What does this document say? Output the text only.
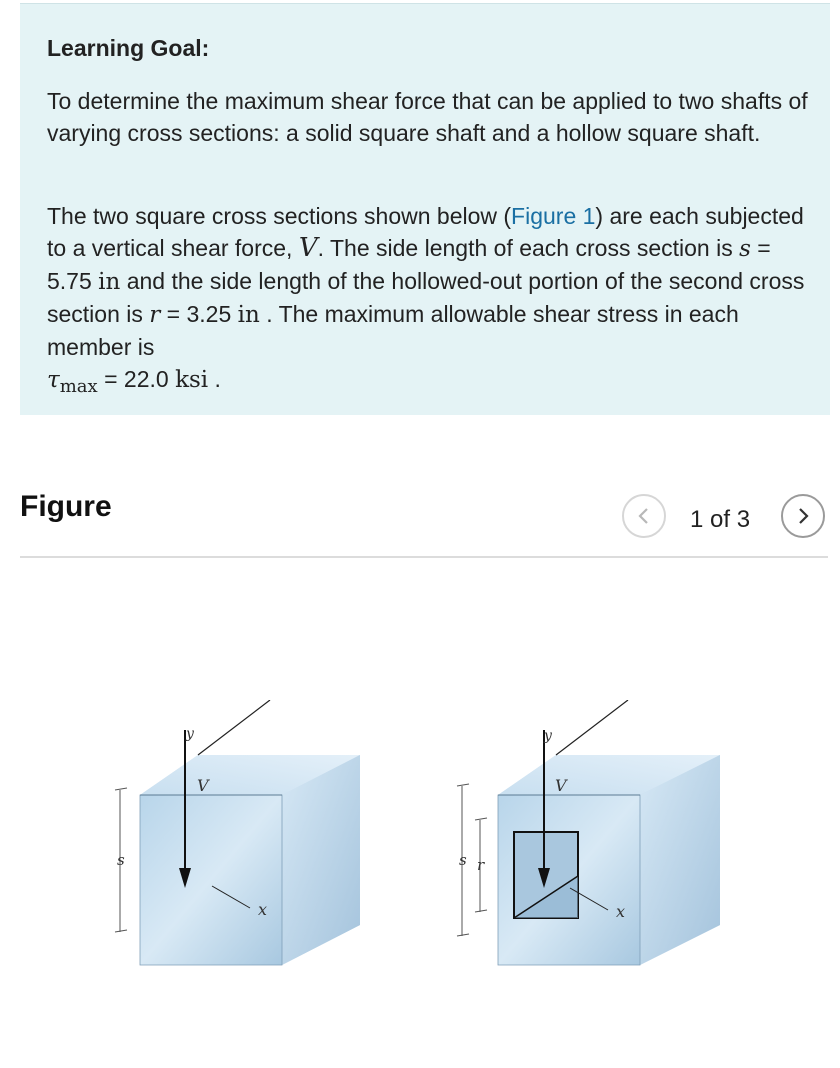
Learning Goal:
To determine the maximum shear force that can be applied to two shafts of varying cross sections: a solid square shaft and a hollow square shaft.
The two square cross sections shown below (Figure 1) are each subjected to a vertical shear force, V. The side length of each cross section is s = 5.75 in and the side length of the hollowed-out portion of the second cross section is r = 3.25 in . The maximum allowable shear stress in each member is
$\tau_{max} = 22.0$ ksi .
Figure	1 of 3
y
V
x
s
y
V
x
s r
